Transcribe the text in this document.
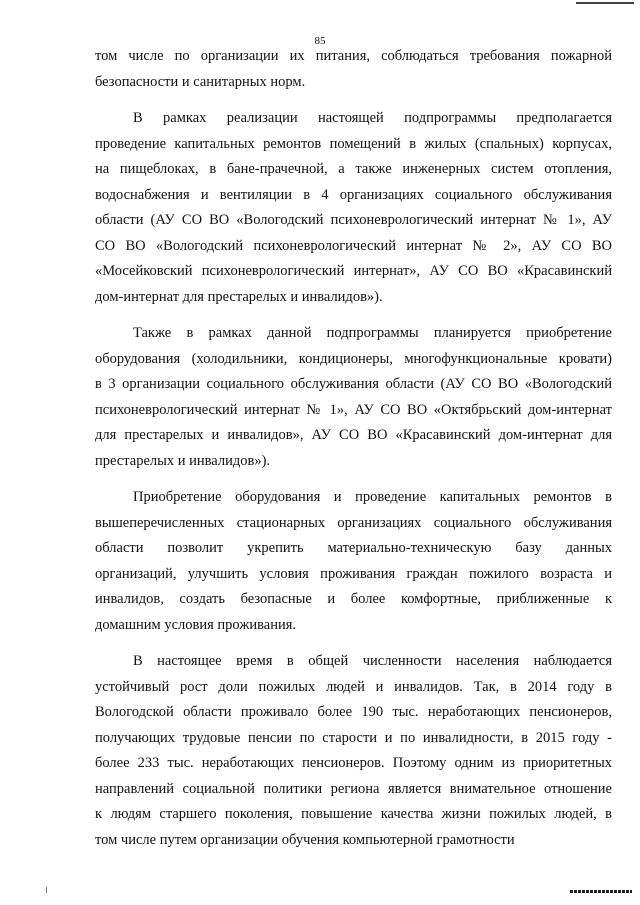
85
том числе по организации их питания, соблюдаться требования пожарной
безопасности и санитарных норм.
В рамках реализации настоящей подпрограммы предполагается
проведение капитальных ремонтов помещений в жилых (спальных) корпусах,
на пищеблоках, в бане-прачечной, а также инженерных систем отопления,
водоснабжения и вентиляции в 4 организациях социального обслуживания
области (АУ СО ВО «Вологодский психоневрологический интернат № 1», АУ
СО ВО «Вологодский психоневрологический интернат № 2», АУ СО ВО
«Мосейковский психоневрологический интернат», АУ СО ВО «Красавинский
дом-интернат для престарелых и инвалидов»).
Также в рамках данной подпрограммы планируется приобретение
оборудования (холодильники, кондиционеры, многофункциональные кровати)
в 3 организации социального обслуживания области (АУ СО ВО «Вологодский
психоневрологический интернат № 1», АУ СО ВО «Октябрьский дом-интернат
для престарелых и инвалидов», АУ СО ВО «Красавинский дом-интернат для
престарелых и инвалидов»).
Приобретение оборудования и проведение капитальных ремонтов в
вышеперечисленных стационарных организациях социального обслуживания
области позволит укрепить материально-техническую базу данных
организаций, улучшить условия проживания граждан пожилого возраста и
инвалидов, создать безопасные и более комфортные, приближенные к
домашним условия проживания.
В настоящее время в общей численности населения наблюдается
устойчивый рост доли пожилых людей и инвалидов. Так, в 2014 году в
Вологодской области проживало более 190 тыс. неработающих пенсионеров,
получающих трудовые пенсии по старости и по инвалидности, в 2015 году -
более 233 тыс. неработающих пенсионеров. Поэтому одним из приоритетных
направлений социальной политики региона является внимательное отношение
к людям старшего поколения, повышение качества жизни пожилых людей, в
том числе путем организации обучения компьютерной грамотности
